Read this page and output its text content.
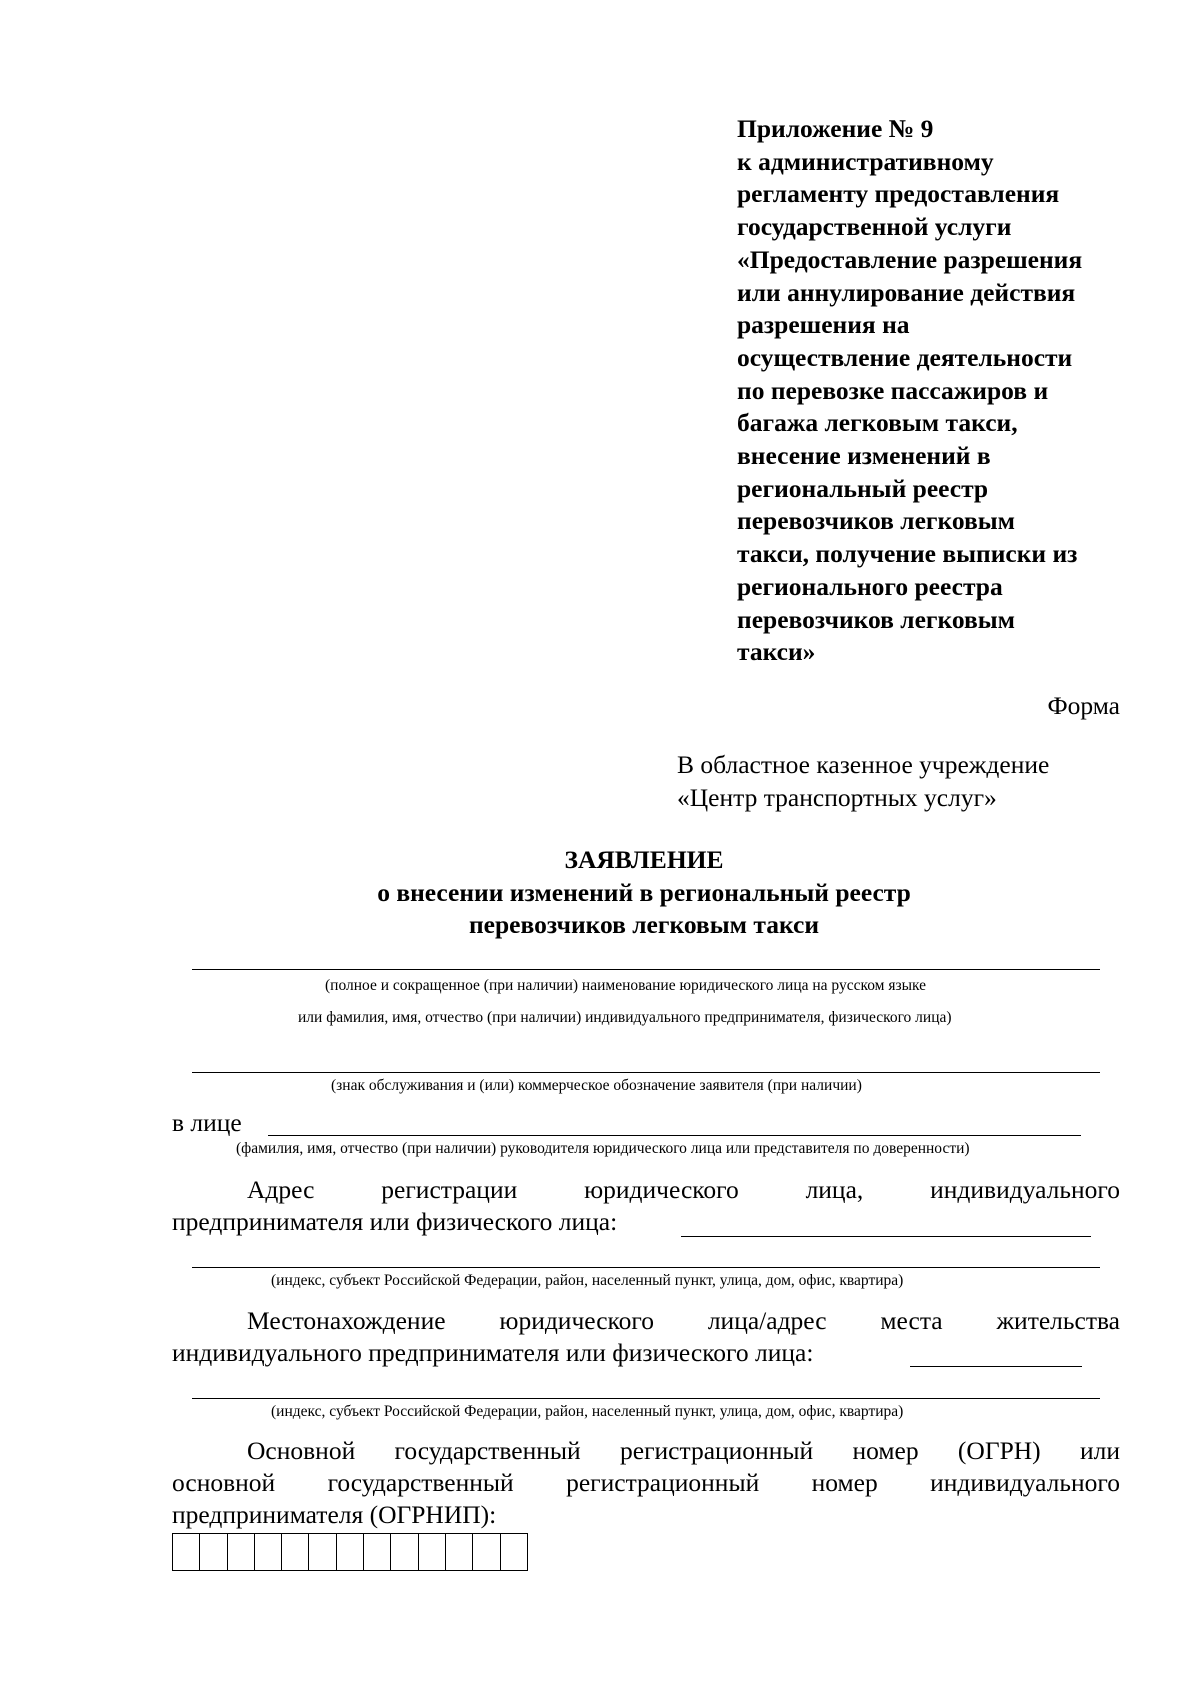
Приложение № 9
к административному
регламенту предоставления
государственной услуги
«Предоставление разрешения
или аннулирование действия
разрешения на
осуществление деятельности
по перевозке пассажиров и
багажа легковым такси,
внесение изменений в
региональный реестр
перевозчиков легковым
такси, получение выписки из
регионального реестра
перевозчиков легковым
такси»
Форма
В областное казенное учреждение
«Центр транспортных услуг»
ЗАЯВЛЕНИЕ
о внесении изменений в региональный реестр
перевозчиков легковым такси
(полное и сокращенное (при наличии) наименование юридического лица на русском языке
или фамилия, имя, отчество (при наличии) индивидуального предпринимателя, физического лица)
(знак обслуживания и (или) коммерческое обозначение заявителя (при наличии)
в лице
(фамилия, имя, отчество (при наличии) руководителя юридического лица или представителя по доверенности)
Адрес	регистрации	юридического	лица,	индивидуального
предпринимателя или физического лица:
(индекс, субъект Российской Федерации, район, населенный пункт, улица, дом, офис, квартира)
Местонахождение юридического лица/адрес места жительства
индивидуального предпринимателя или физического лица:
(индекс, субъект Российской Федерации, район, населенный пункт, улица, дом, офис, квартира)
Основной государственный регистрационный номер (ОГРН) или
основной государственный регистрационный номер индивидуального
предпринимателя (ОГРНИП):
